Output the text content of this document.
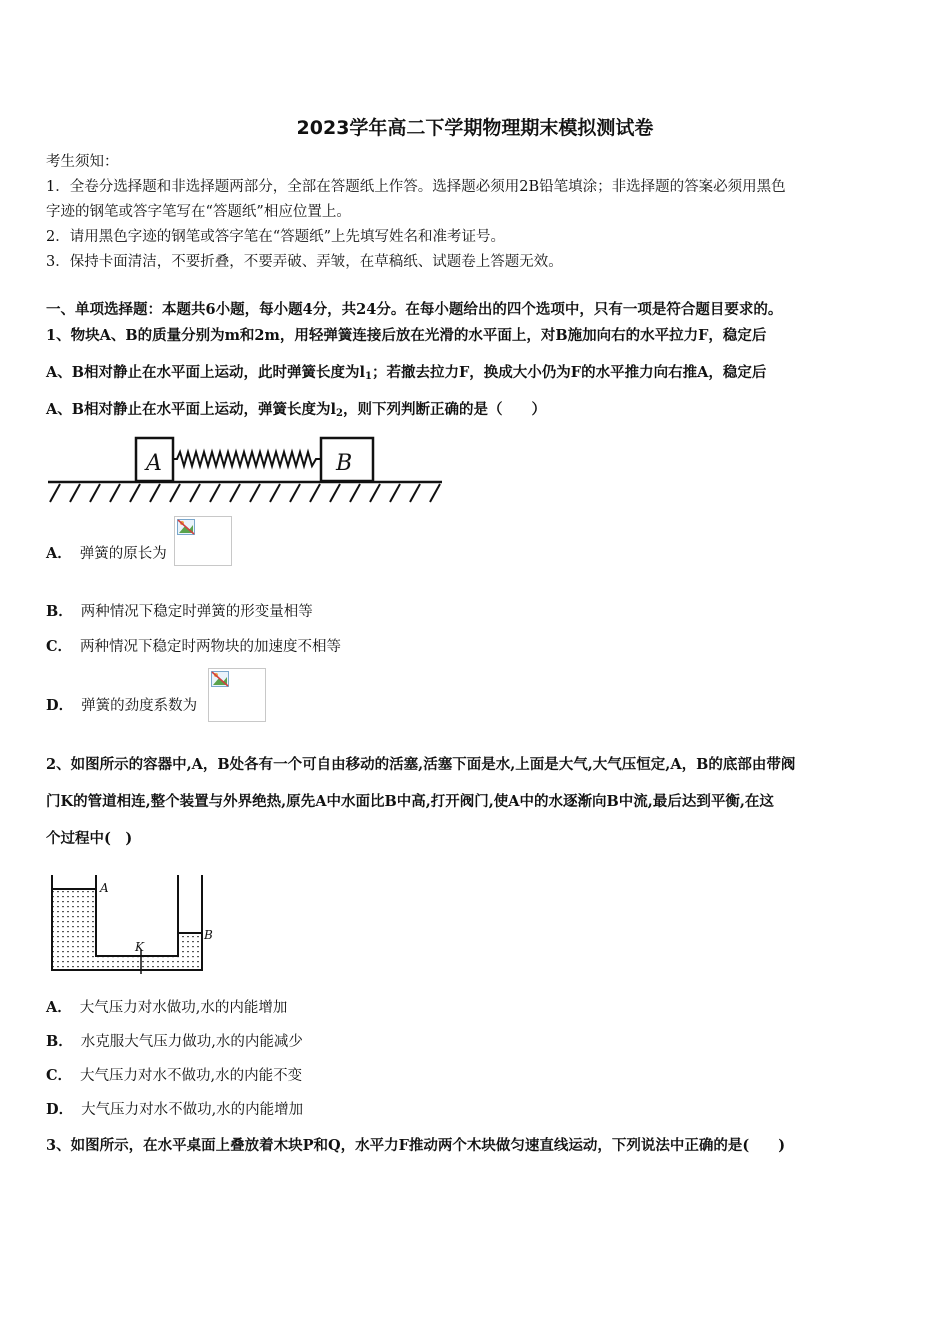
2023学年高二下学期物理期末模拟测试卷
考生须知：
1．全卷分选择题和非选择题两部分，全部在答题纸上作答。选择题必须用2B铅笔填涂；非选择题的答案必须用黑色
字迹的钢笔或答字笔写在“答题纸”相应位置上。
2．请用黑色字迹的钢笔或答字笔在“答题纸”上先填写姓名和准考证号。
3．保持卡面清洁，不要折叠，不要弄破、弄皱，在草稿纸、试题卷上答题无效。
一、单项选择题：本题共6小题，每小题4分，共24分。在每小题给出的四个选项中，只有一项是符合题目要求的。
1、物块A、B的质量分别为m和2m，用轻弹簧连接后放在光滑的水平面上，对B施加向右的水平拉力F，稳定后
A、B相对静止在水平面上运动，此时弹簧长度为$l_1$；若撤去拉力F，换成大小仍为F的水平推力向右推A，稳定后
A、B相对静止在水平面上运动，弹簧长度为$l_2$，则下列判断正确的是（　　）
A	B
A． 弹簧的原长为
B． 两种情况下稳定时弹簧的形变量相等
C． 两种情况下稳定时两物块的加速度不相等
D． 弹簧的劲度系数为
2、如图所示的容器中,A，B处各有一个可自由移动的活塞,活塞下面是水,上面是大气,大气压恒定,A，B的底部由带阀
门K的管道相连,整个装置与外界绝热,原先A中水面比B中高,打开阀门,使A中的水逐渐向B中流,最后达到平衡,在这
个过程中(　)
A
B
K
A． 大气压力对水做功,水的内能增加
B． 水克服大气压力做功,水的内能减少
C． 大气压力对水不做功,水的内能不变
D． 大气压力对水不做功,水的内能增加
3、如图所示，在水平桌面上叠放着木块P和Q，水平力F推动两个木块做匀速直线运动，下列说法中正确的是(　　)
